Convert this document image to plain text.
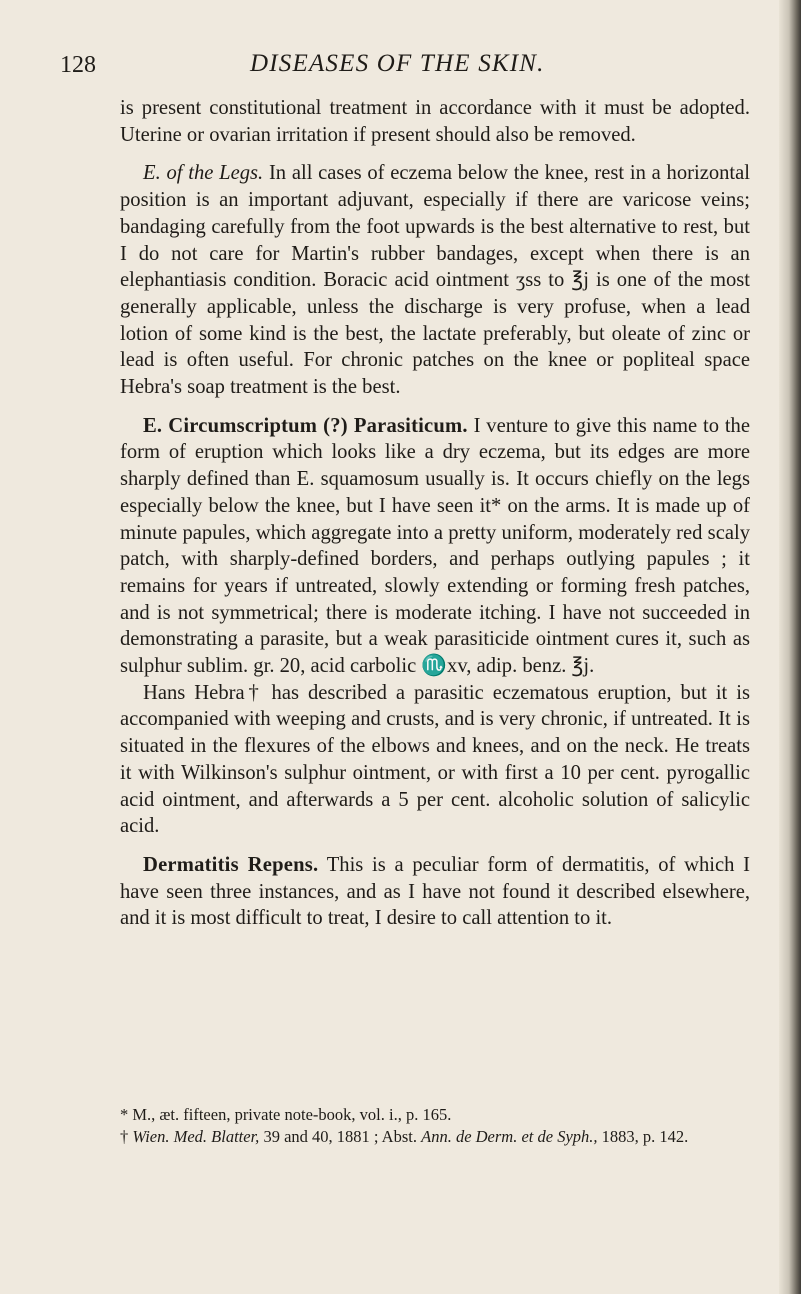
128	DISEASES OF THE SKIN.

is present constitutional treatment in accordance with it must be adopted. Uterine or ovarian irritation if present should also be removed.

E. of the Legs. In all cases of eczema below the knee, rest in a horizontal position is an important adjuvant, especially if there are varicose veins; bandaging carefully from the foot upwards is the best alternative to rest, but I do not care for Martin's rubber bandages, except when there is an elephantiasis condition. Boracic acid ointment ʒss to ℥j is one of the most generally applicable, unless the discharge is very profuse, when a lead lotion of some kind is the best, the lactate preferably, but oleate of zinc or lead is often useful. For chronic patches on the knee or popliteal space Hebra's soap treatment is the best.

E. Circumscriptum (?) Parasiticum. I venture to give this name to the form of eruption which looks like a dry eczema, but its edges are more sharply defined than E. squamosum usually is. It occurs chiefly on the legs especially below the knee, but I have seen it* on the arms. It is made up of minute papules, which aggregate into a pretty uniform, moderately red scaly patch, with sharply-defined borders, and perhaps outlying papules ; it remains for years if untreated, slowly extending or forming fresh patches, and is not symmetrical; there is moderate itching. I have not succeeded in demonstrating a parasite, but a weak parasiticide ointment cures it, such as sulphur sublim. gr. 20, acid carbolic ♏xv, adip. benz. ℥j.

Hans Hebra† has described a parasitic eczematous eruption, but it is accompanied with weeping and crusts, and is very chronic, if untreated. It is situated in the flexures of the elbows and knees, and on the neck. He treats it with Wilkinson's sulphur ointment, or with first a 10 per cent. pyrogallic acid ointment, and afterwards a 5 per cent. alcoholic solution of salicylic acid.

Dermatitis Repens. This is a peculiar form of dermatitis, of which I have seen three instances, and as I have not found it described elsewhere, and it is most difficult to treat, I desire to call attention to it.

* M., æt. fifteen, private note-book, vol. i., p. 165.

† Wien. Med. Blatter, 39 and 40, 1881 ; Abst. Ann. de Derm. et de Syph., 1883, p. 142.
